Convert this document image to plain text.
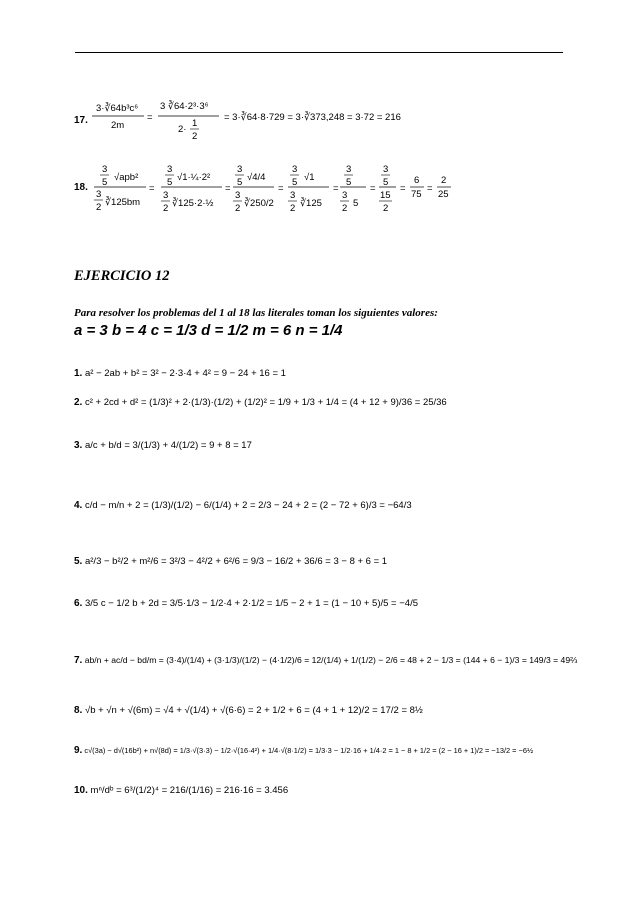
17.
3·∛64b³c⁶
2m
=
3 ∛64·2³·3⁶
2·
1
2
= 3·∛64·8·729 = 3·∛373,248 = 3·72 = 216
18.
3
5 √apb²
3
2 ∛125bm
=
3
5 √1·¼·2²
3
2 ∛125·2·½
=
3
5 √4/4
3
2 ∛250/2
=
3
5 √1
3
2 ∛125
=
3
5
3
2 5
=
3
5
15
2
=
6
75
=
2
25
EJERCICIO 12
Para resolver los problemas del 1 al 18 las literales toman los siguientes valores:
a = 3 b = 4 c = 1/3 d = 1/2 m = 6 n = 1/4
1. a² − 2ab + b² = 3² − 2·3·4 + 4² = 9 − 24 + 16 = 1
2. c² + 2cd + d² = (1/3)² + 2·(1/3)·(1/2) + (1/2)² = 1/9 + 1/3 + 1/4 = (4 + 12 + 9)/36 = 25/36
3. a/c + b/d = 3/(1/3) + 4/(1/2) = 9 + 8 = 17
4. c/d − m/n + 2 = (1/3)/(1/2) − 6/(1/4) + 2 = 2/3 − 24 + 2 = (2 − 72 + 6)/3 = −64/3
5. a²/3 − b²/2 + m²/6 = 3²/3 − 4²/2 + 6²/6 = 9/3 − 16/2 + 36/6 = 3 − 8 + 6 = 1
6. 3/5 c − 1/2 b + 2d = 3/5·1/3 − 1/2·4 + 2·1/2 = 1/5 − 2 + 1 = (1 − 10 + 5)/5 = −4/5
7. ab/n + ac/d − bd/m = (3·4)/(1/4) + (3·1/3)/(1/2) − (4·1/2)/6 = 12/(1/4) + 1/(1/2) − 2/6 = 48 + 2 − 1/3 = (144 + 6 − 1)/3 = 149/3 = 49⅔
8. √b + √n + √(6m) = √4 + √(1/4) + √(6·6) = 2 + 1/2 + 6 = (4 + 1 + 12)/2 = 17/2 = 8½
9. c√(3a) − d√(16b²) + n√(8d) = 1/3·√(3·3) − 1/2·√(16·4²) + 1/4·√(8·1/2) = 1/3·3 − 1/2·16 + 1/4·2 = 1 − 8 + 1/2 = (2 − 16 + 1)/2 = −13/2 = −6½
10. mⁿ/dᵇ = 6³/(1/2)⁴ = 216/(1/16) = 216·16 = 3.456
17. 3·∛(64b³c⁶) / 2m = 3·∛(64·2³·3⁶) / (2·1/2) = 3·∛(64·8·729) = 3·∛373,248 = 3·72 = 216 18. (3/5)·√(apb²) / ((3/2)·∛(125bm)) = (3/5)·√(1·(1/4)·2²) / ((3/2)·∛(125·2·(1/2))) = (3/5)·√(4/4) / ((3/2)·∛(250/2)) = (3/5)·√1 / ((3/2)·∛125) = (3/5)/((3/2)·5) = (3/5)/(15/2) = 6/75 = 2/25
